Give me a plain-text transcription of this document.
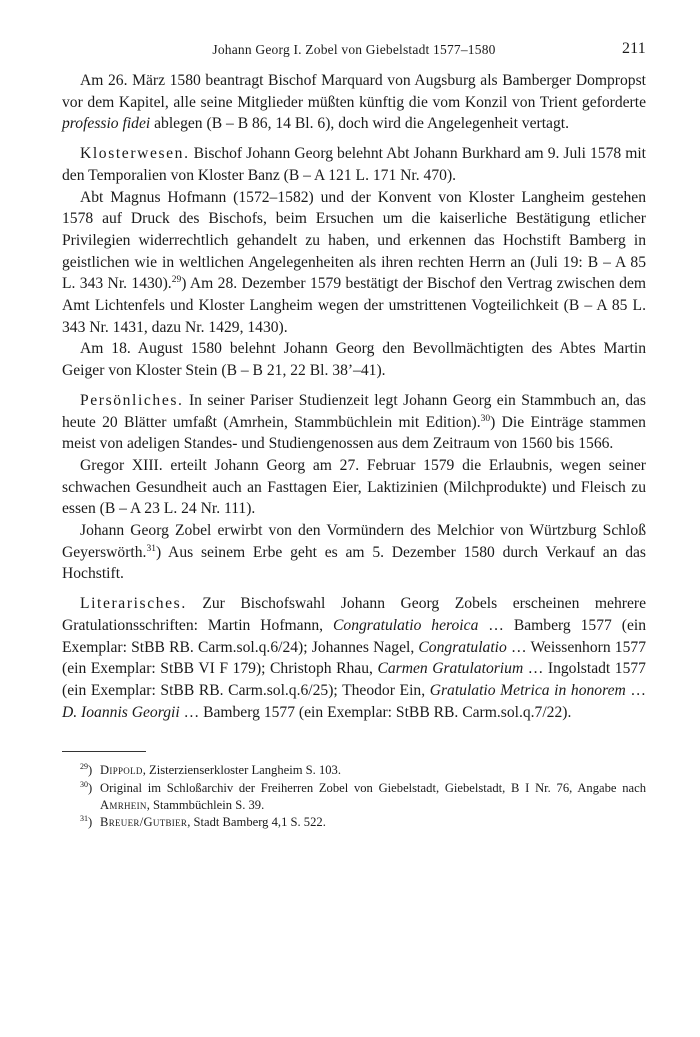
Johann Georg I. Zobel von Giebelstadt 1577–1580	211

Am 26. März 1580 beantragt Bischof Marquard von Augsburg als Bamberger Dompropst vor dem Kapitel, alle seine Mitglieder müßten künftig die vom Konzil von Trient geforderte professio fidei ablegen (B – B 86, 14 Bl. 6), doch wird die Angelegenheit vertagt.

Klosterwesen. Bischof Johann Georg belehnt Abt Johann Burkhard am 9. Juli 1578 mit den Temporalien von Kloster Banz (B – A 121 L. 171 Nr. 470).

Abt Magnus Hofmann (1572–1582) und der Konvent von Kloster Langheim gestehen 1578 auf Druck des Bischofs, beim Ersuchen um die kaiserliche Bestätigung etlicher Privilegien widerrechtlich gehandelt zu haben, und erkennen das Hochstift Bamberg in geistlichen wie in weltlichen Angelegenheiten als ihren rechten Herrn an (Juli 19: B – A 85 L. 343 Nr. 1430).$^{29}$) Am 28. Dezember 1579 bestätigt der Bischof den Vertrag zwischen dem Amt Lichtenfels und Kloster Langheim wegen der umstrittenen Vogteilichkeit (B – A 85 L. 343 Nr. 1431, dazu Nr. 1429, 1430).

Am 18. August 1580 belehnt Johann Georg den Bevollmächtigten des Abtes Martin Geiger von Kloster Stein (B – B 21, 22 Bl. 38’–41).

Persönliches. In seiner Pariser Studienzeit legt Johann Georg ein Stammbuch an, das heute 20 Blätter umfaßt (Amrhein, Stammbüchlein mit Edition).$^{30}$) Die Einträge stammen meist von adeligen Standes- und Studiengenossen aus dem Zeitraum von 1560 bis 1566.

Gregor XIII. erteilt Johann Georg am 27. Februar 1579 die Erlaubnis, wegen seiner schwachen Gesundheit auch an Fasttagen Eier, Laktizinien (Milchprodukte) und Fleisch zu essen (B – A 23 L. 24 Nr. 111).

Johann Georg Zobel erwirbt von den Vormündern des Melchior von Würtzburg Schloß Geyerswörth.$^{31}$) Aus seinem Erbe geht es am 5. Dezember 1580 durch Verkauf an das Hochstift.

Literarisches. Zur Bischofswahl Johann Georg Zobels erscheinen mehrere Gratulationsschriften: Martin Hofmann, Congratulatio heroica … Bamberg 1577 (ein Exemplar: StBB RB. Carm.sol.q.6/24); Johannes Nagel, Congratulatio … Weissenhorn 1577 (ein Exemplar: StBB VI F 179); Christoph Rhau, Carmen Gratulatorium … Ingolstadt 1577 (ein Exemplar: StBB RB. Carm.sol.q.6/25); Theodor Ein, Gratulatio Metrica in honorem … D. Ioannis Georgii … Bamberg 1577 (ein Exemplar: StBB RB. Carm.sol.q.7/22).

$^{29}$) Dippold, Zisterzienserkloster Langheim S. 103.
$^{30}$) Original im Schloßarchiv der Freiherren Zobel von Giebelstadt, Giebelstadt, B I Nr. 76, Angabe nach Amrhein, Stammbüchlein S. 39.
$^{31}$) Breuer/Gutbier, Stadt Bamberg 4,1 S. 522.
